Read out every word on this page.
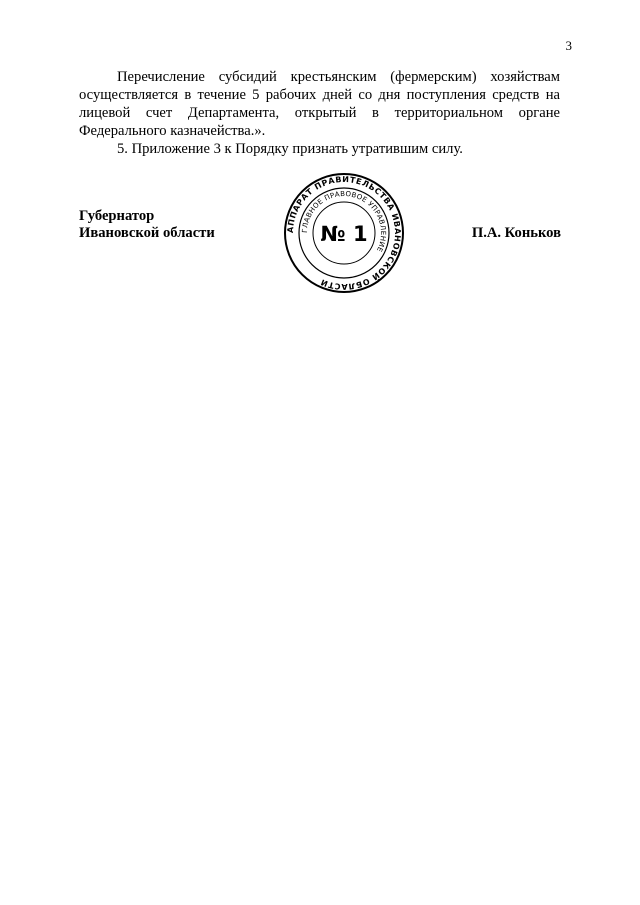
3

Перечисление субсидий крестьянским (фермерским) хозяйствам осуществляется в течение 5 рабочих дней со дня поступления средств на лицевой счет Департамента, открытый в территориальном органе Федерального казначейства.».

5. Приложение 3 к Порядку признать утратившим силу.

Губернатор
Ивановской области	АППАРАТ ПРАВИТЕЛЬСТВА ИВАНОВСКОЙ ОБЛАСТИ
ГЛАВНОЕ ПРАВОВОЕ УПРАВЛЕНИЕ
№ 1	П.А. Коньков
